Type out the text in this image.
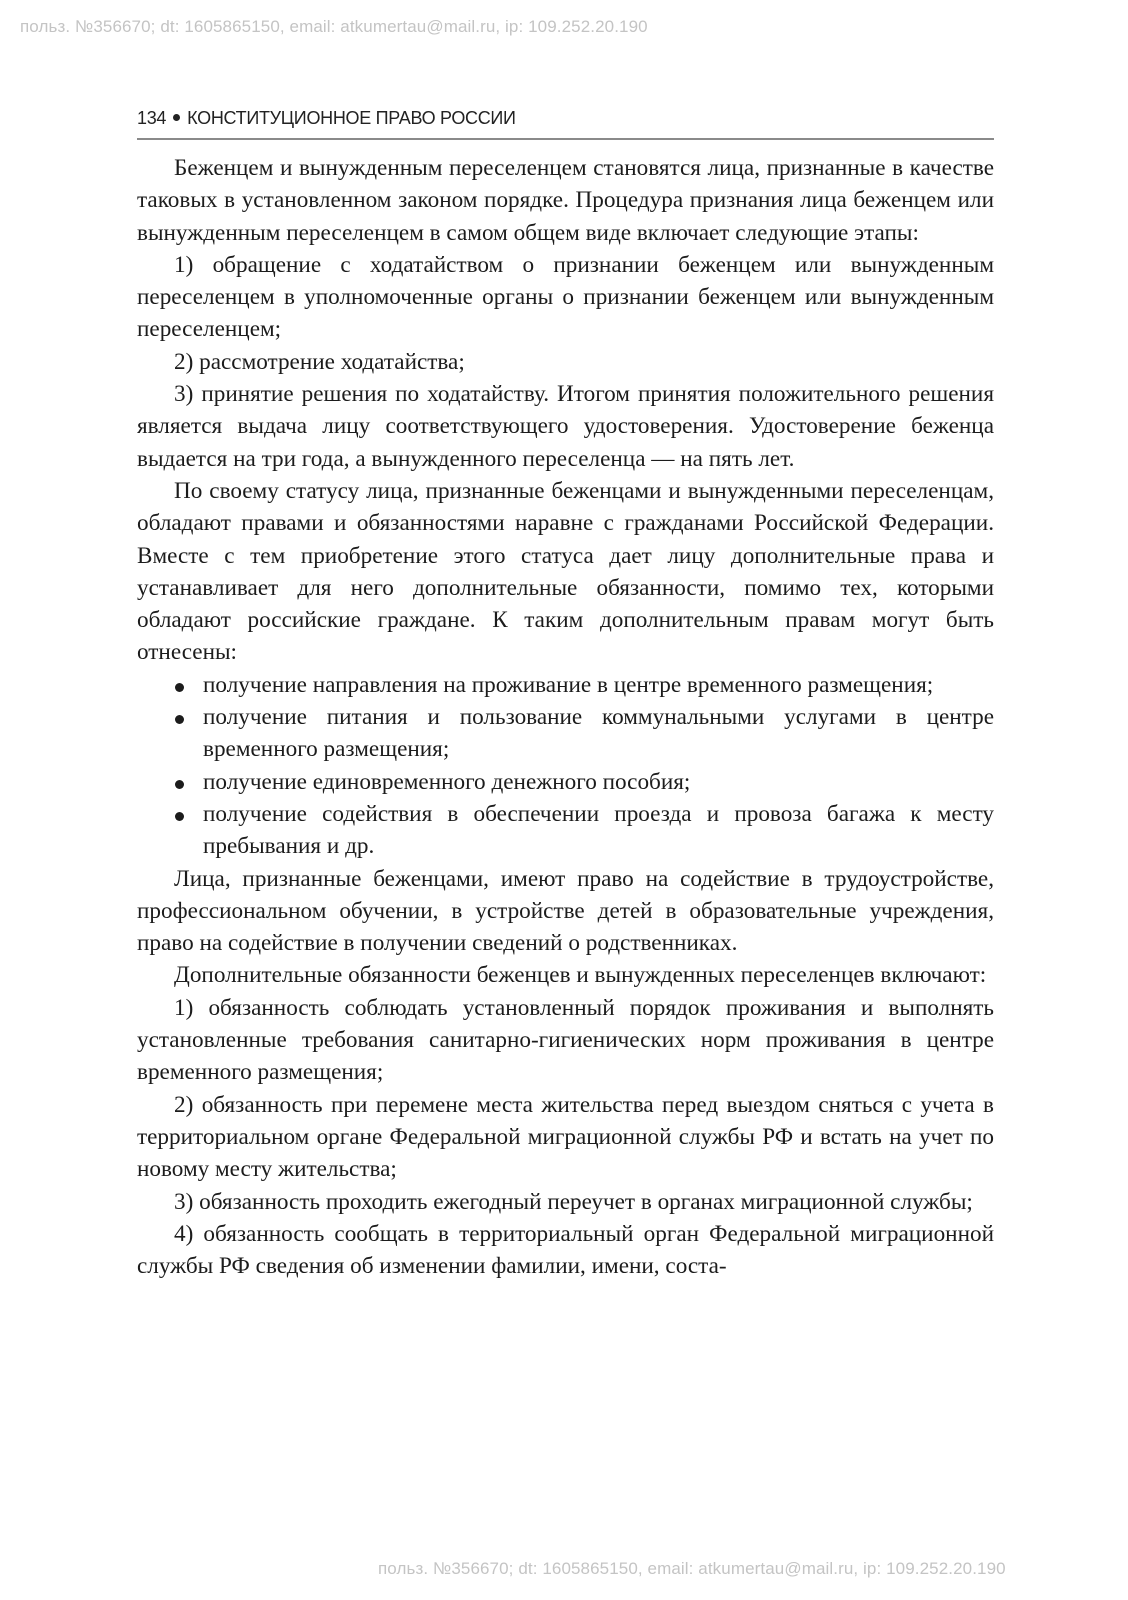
польз. №356670; dt: 1605865150, email: atkumertau@mail.ru, ip: 109.252.20.190
134 КОНСТИТУЦИОННОЕ ПРАВО РОССИИ

Беженцем и вынужденным переселенцем становятся лица, признанные в качестве таковых в установленном законом порядке. Процедура признания лица беженцем или вынужденным переселенцем в самом общем виде включает следующие этапы:

1) обращение с ходатайством о признании беженцем или вынужденным переселенцем в уполномоченные органы о признании беженцем или вынужденным переселенцем;

2) рассмотрение ходатайства;

3) принятие решения по ходатайству. Итогом принятия положительного решения является выдача лицу соответствующего удостоверения. Удостоверение беженца выдается на три года, а вынужденного переселенца — на пять лет.

По своему статусу лица, признанные беженцами и вынужденными переселенцам, обладают правами и обязанностями наравне с гражданами Российской Федерации. Вместе с тем приобретение этого статуса дает лицу дополнительные права и устанавливает для него дополнительные обязанности, помимо тех, которыми обладают российские граждане. К таким дополнительным правам могут быть отнесены:

получение направления на проживание в центре временного размещения;
получение питания и пользование коммунальными услугами в центре временного размещения;
получение единовременного денежного пособия;
получение содействия в обеспечении проезда и провоза багажа к месту пребывания и др.

Лица, признанные беженцами, имеют право на содействие в трудоустройстве, профессиональном обучении, в устройстве детей в образовательные учреждения, право на содействие в получении сведений о родственниках.

Дополнительные обязанности беженцев и вынужденных переселенцев включают:

1) обязанность соблюдать установленный порядок проживания и выполнять установленные требования санитарно-гигиенических норм проживания в центре временного размещения;

2) обязанность при перемене места жительства перед выездом сняться с учета в территориальном органе Федеральной миграционной службы РФ и встать на учет по новому месту жительства;

3) обязанность проходить ежегодный переучет в органах миграционной службы;

4) обязанность сообщать в территориальный орган Федеральной миграционной службы РФ сведения об изменении фамилии, имени, соста-

польз. №356670; dt: 1605865150, email: atkumertau@mail.ru, ip: 109.252.20.190
